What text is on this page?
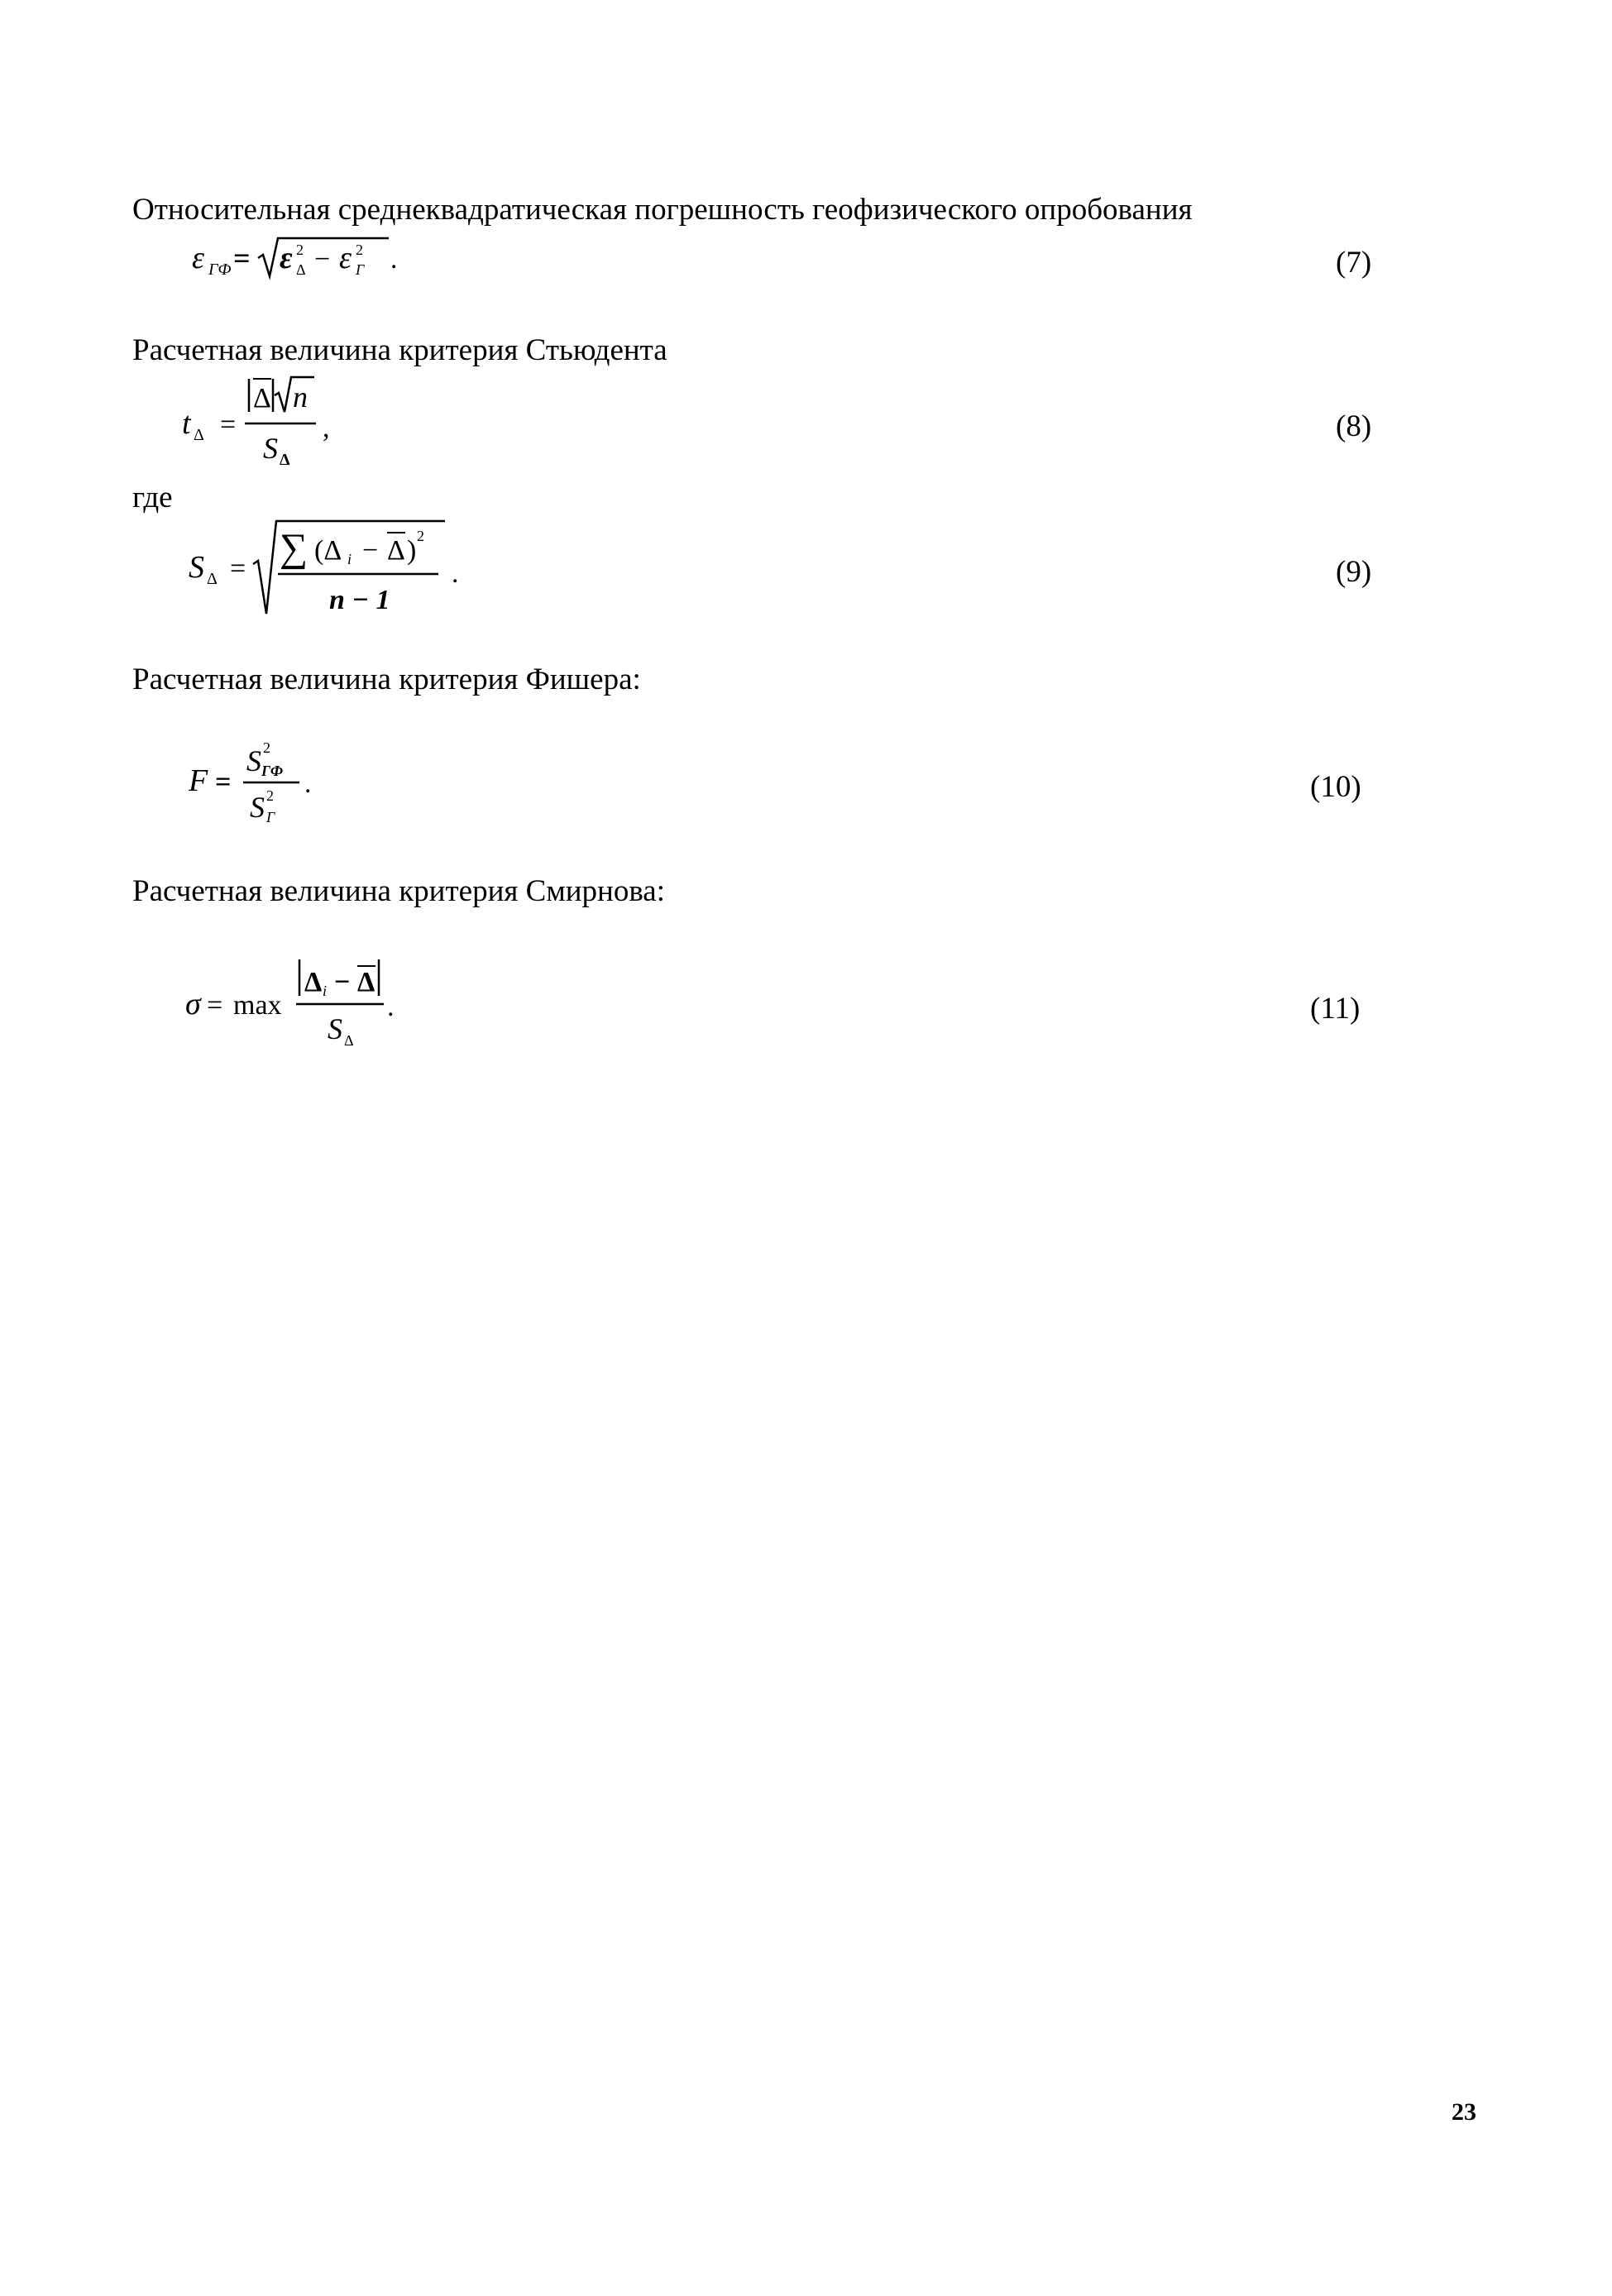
Относительная среднеквадратическая погрешность геофизического опробования
ε ГФ = ε 2
Δ − ε 2
Г .	(7)
Расчетная величина критерия Стьюдента
t Δ =
Δ n
S Δ
,	(8)
где
S Δ = ∑ (Δ i − Δ ) 2
n − 1
.	(9)
Расчетная величина критерия Фишера:
F =
S 2
ГФ
S 2
Г
.	(10)
Расчетная величина критерия Смирнова:
σ = max
Δ i − Δ
S Δ
.	(11)
23
